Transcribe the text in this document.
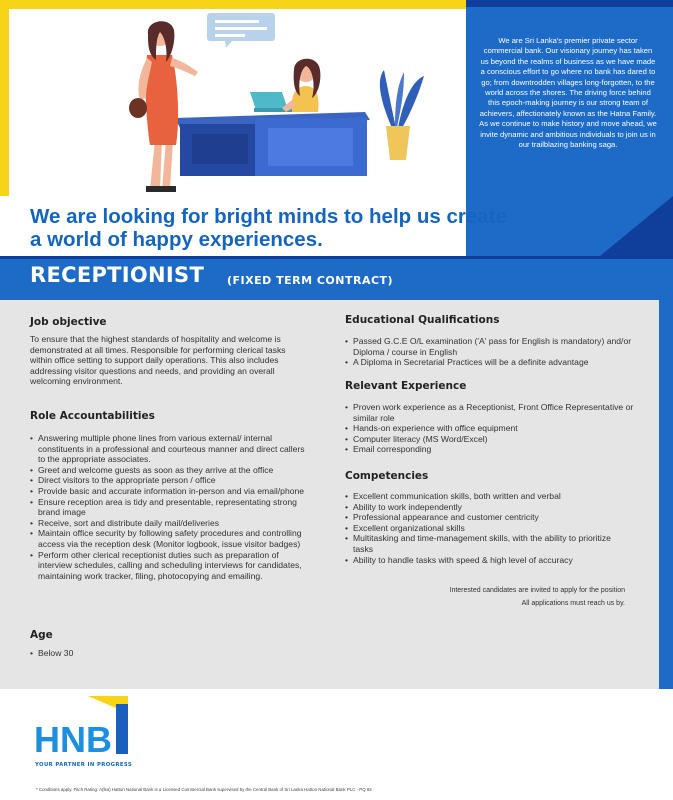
We are Sri Lanka's premier private sector commercial bank. Our visionary journey has taken us beyond the realms of business as we have made a conscious effort to go where no bank has dared to go; from downtrodden villages long-forgotten, to the world across the shores. The driving force behind this epoch-making journey is our strong team of achievers, affectionately known as the Hatna Family. As we continue to make history and move ahead, we invite dynamic and ambitious individuals to join us in our trailblazing banking saga.
We are looking for bright minds to help us create
a world of happy experiences.
RECEPTIONIST (FIXED TERM CONTRACT)
Job objective
To ensure that the highest standards of hospitality and welcome is demonstrated at all times. Responsible for performing clerical tasks within office setting to support daily operations. This also includes addressing visitor questions and needs, and providing an overall welcoming environment.
Role Accountabilities
• Answering multiple phone lines from various external/ internal constituents in a professional and courteous manner and direct callers to the appropriate associates.
• Greet and welcome guests as soon as they arrive at the office
• Direct visitors to the appropriate person / office
• Provide basic and accurate information in-person and via email/phone
• Ensure reception area is tidy and presentable, representating strong brand image
• Receive, sort and distribute daily mail/deliveries
• Maintain office security by following safety procedures and controlling access via the reception desk (Monitor logbook, issue visitor badges)
• Perform other clerical receptionist duties such as preparation of interview schedules, calling and scheduling interviews for candidates, maintaining work tracker, filing, photocopying and emailing.
Age
• Below 30
Educational Qualifications
• Passed G.C.E O/L examination ('A' pass for English is mandatory) and/or Diploma / course in English
• A Diploma in Secretarial Practices will be a definite advantage
Relevant Experience
• Proven work experience as a Receptionist, Front Office Representative or similar role
• Hands-on experience with office equipment
• Computer literacy (MS Word/Excel)
• Email corresponding
Competencies
• Excellent communication skills, both written and verbal
• Ability to work independently
• Professional appearance and customer centricity
• Excellent organizational skills
• Multitasking and time-management skills, with the ability to prioritize tasks
• Ability to handle tasks with speed & high level of accuracy
Interested candidates are invited to apply for the position
All applications must reach us by.
HNB
YOUR PARTNER IN PROGRESS
* Conditions apply. Fitch Rating: A(lka) Hatton National Bank is a Licensed Commercial Bank supervised by the Central Bank of Sri Lanka Hatton National Bank PLC - PQ 82
